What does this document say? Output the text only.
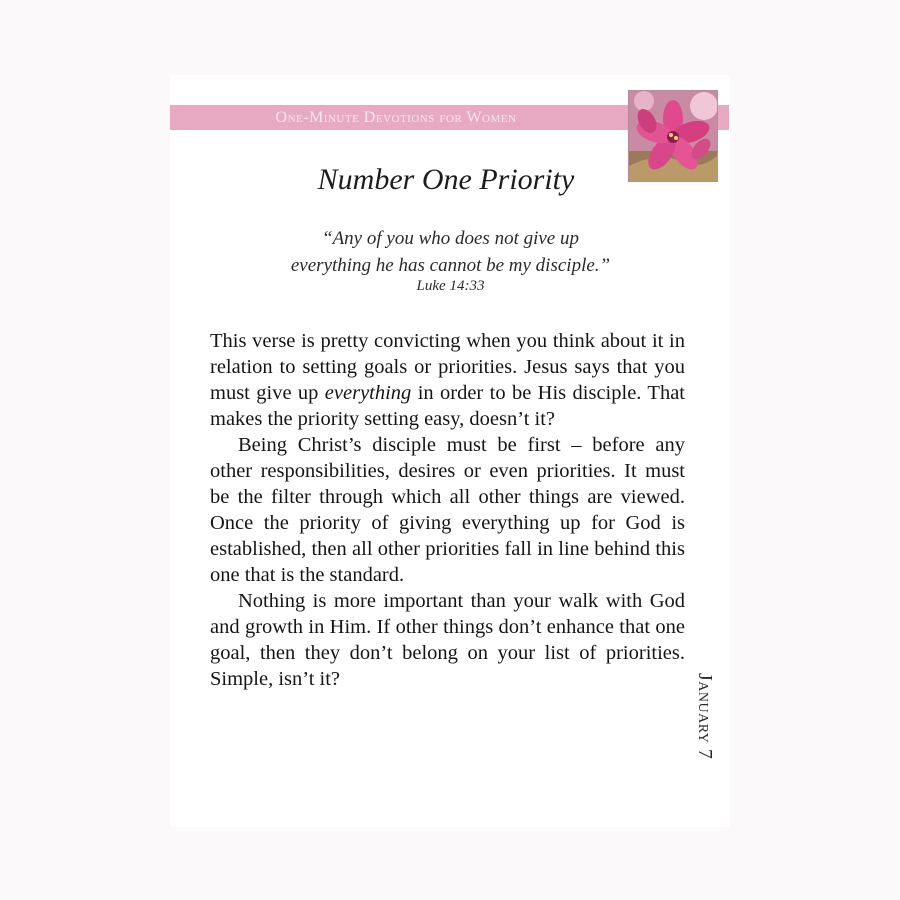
One-Minute Devotions for Women
Number One Priority
“Any of you who does not give up
everything he has cannot be my disciple.”
Luke 14:33

This verse is pretty convicting when you think about it in relation to setting goals or priorities. Jesus says that you must give up everything in order to be His disciple. That makes the priority setting easy, doesn’t it?

Being Christ’s disciple must be first – before any other responsibilities, desires or even priorities. It must be the filter through which all other things are viewed. Once the priority of giving everything up for God is established, then all other priorities fall in line behind this one that is the standard.

Nothing is more important than your walk with God and growth in Him. If other things don’t enhance that one goal, then they don’t belong on your list of priorities. Simple, isn’t it?	January 7
